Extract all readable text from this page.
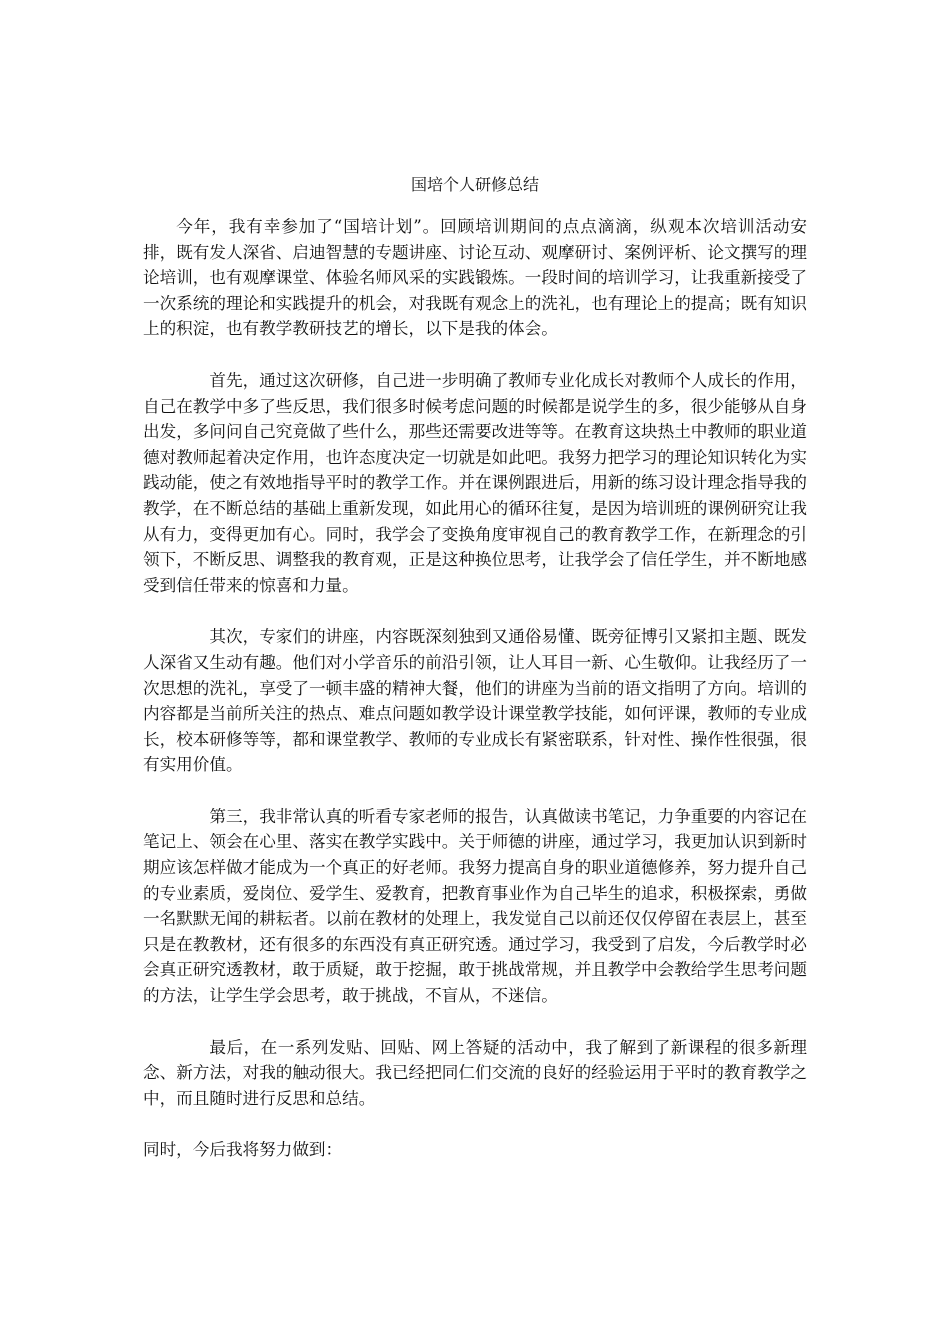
国培个人研修总结

今年，我有幸参加了“国培计划”。回顾培训期间的点点滴滴，纵观本次培训活动安排，既有发人深省、启迪智慧的专题讲座、讨论互动、观摩研讨、案例评析、论文撰写的理论培训，也有观摩课堂、体验名师风采的实践锻炼。一段时间的培训学习，让我重新接受了一次系统的理论和实践提升的机会，对我既有观念上的洗礼，也有理论上的提高；既有知识上的积淀，也有教学教研技艺的增长，以下是我的体会。

首先，通过这次研修，自己进一步明确了教师专业化成长对教师个人成长的作用，自己在教学中多了些反思，我们很多时候考虑问题的时候都是说学生的多，很少能够从自身出发，多问问自己究竟做了些什么，那些还需要改进等等。在教育这块热土中教师的职业道德对教师起着决定作用，也许态度决定一切就是如此吧。我努力把学习的理论知识转化为实践动能，使之有效地指导平时的教学工作。并在课例跟进后，用新的练习设计理念指导我的教学，在不断总结的基础上重新发现，如此用心的循环往复，是因为培训班的课例研究让我从有力，变得更加有心。同时，我学会了变换角度审视自己的教育教学工作，在新理念的引领下，不断反思、调整我的教育观，正是这种换位思考，让我学会了信任学生，并不断地感受到信任带来的惊喜和力量。

其次，专家们的讲座，内容既深刻独到又通俗易懂、既旁征博引又紧扣主题、既发人深省又生动有趣。他们对小学音乐的前沿引领，让人耳目一新、心生敬仰。让我经历了一次思想的洗礼，享受了一顿丰盛的精神大餐，他们的讲座为当前的语文指明了方向。培训的内容都是当前所关注的热点、难点问题如教学设计课堂教学技能，如何评课，教师的专业成长，校本研修等等，都和课堂教学、教师的专业成长有紧密联系，针对性、操作性很强，很有实用价值。

第三，我非常认真的听看专家老师的报告，认真做读书笔记，力争重要的内容记在笔记上、领会在心里、落实在教学实践中。关于师德的讲座，通过学习，我更加认识到新时期应该怎样做才能成为一个真正的好老师。我努力提高自身的职业道德修养，努力提升自己的专业素质，爱岗位、爱学生、爱教育，把教育事业作为自己毕生的追求，积极探索，勇做一名默默无闻的耕耘者。以前在教材的处理上，我发觉自己以前还仅仅停留在表层上，甚至只是在教教材，还有很多的东西没有真正研究透。通过学习，我受到了启发，今后教学时必会真正研究透教材，敢于质疑，敢于挖掘，敢于挑战常规，并且教学中会教给学生思考问题的方法，让学生学会思考，敢于挑战，不盲从，不迷信。

最后，在一系列发贴、回贴、网上答疑的活动中，我了解到了新课程的很多新理念、新方法，对我的触动很大。我已经把同仁们交流的良好的经验运用于平时的教育教学之中，而且随时进行反思和总结。

同时，今后我将努力做到：
